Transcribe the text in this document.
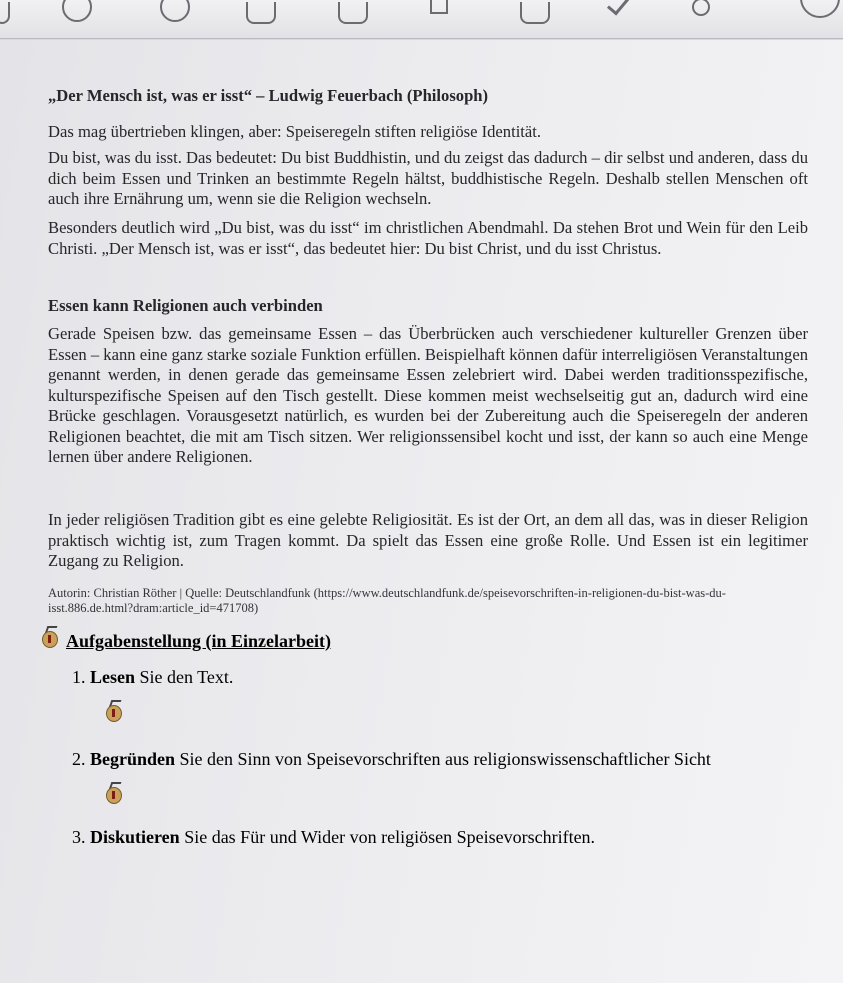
„Der Mensch ist, was er isst“ – Ludwig Feuerbach (Philosoph)
Das mag übertrieben klingen, aber: Speiseregeln stiften religiöse Identität.
Du bist, was du isst. Das bedeutet: Du bist Buddhistin, und du zeigst das dadurch – dir selbst und anderen, dass du dich beim Essen und Trinken an bestimmte Regeln hältst, buddhistische Regeln. Deshalb stellen Menschen oft auch ihre Ernährung um, wenn sie die Religion wechseln.
Besonders deutlich wird „Du bist, was du isst“ im christlichen Abendmahl. Da stehen Brot und Wein für den Leib Christi. „Der Mensch ist, was er isst“, das bedeutet hier: Du bist Christ, und du isst Christus.
Essen kann Religionen auch verbinden
Gerade Speisen bzw. das gemeinsame Essen – das Überbrücken auch verschiedener kultureller Grenzen über Essen – kann eine ganz starke soziale Funktion erfüllen. Beispielhaft können dafür interreligiösen Veranstaltungen genannt werden, in denen gerade das gemeinsame Essen zelebriert wird. Dabei werden traditionsspezifische, kulturspezifische Speisen auf den Tisch gestellt. Diese kommen meist wechselseitig gut an, dadurch wird eine Brücke geschlagen. Vorausgesetzt natürlich, es wurden bei der Zubereitung auch die Speiseregeln der anderen Religionen beachtet, die mit am Tisch sitzen. Wer religionssensibel kocht und isst, der kann so auch eine Menge lernen über andere Religionen.
In jeder religiösen Tradition gibt es eine gelebte Religiosität. Es ist der Ort, an dem all das, was in dieser Religion praktisch wichtig ist, zum Tragen kommt. Da spielt das Essen eine große Rolle. Und Essen ist ein legitimer Zugang zu Religion.
Autorin: Christian Röther | Quelle: Deutschlandfunk (https://www.deutschlandfunk.de/speisevorschriften-in-religionen-du-bist-was-du-isst.886.de.html?dram:article_id=471708)
Aufgabenstellung (in Einzelarbeit)
1. Lesen Sie den Text.
2. Begründen Sie den Sinn von Speisevorschriften aus religionswissenschaftlicher Sicht
3. Diskutieren Sie das Für und Wider von religiösen Speisevorschriften.
